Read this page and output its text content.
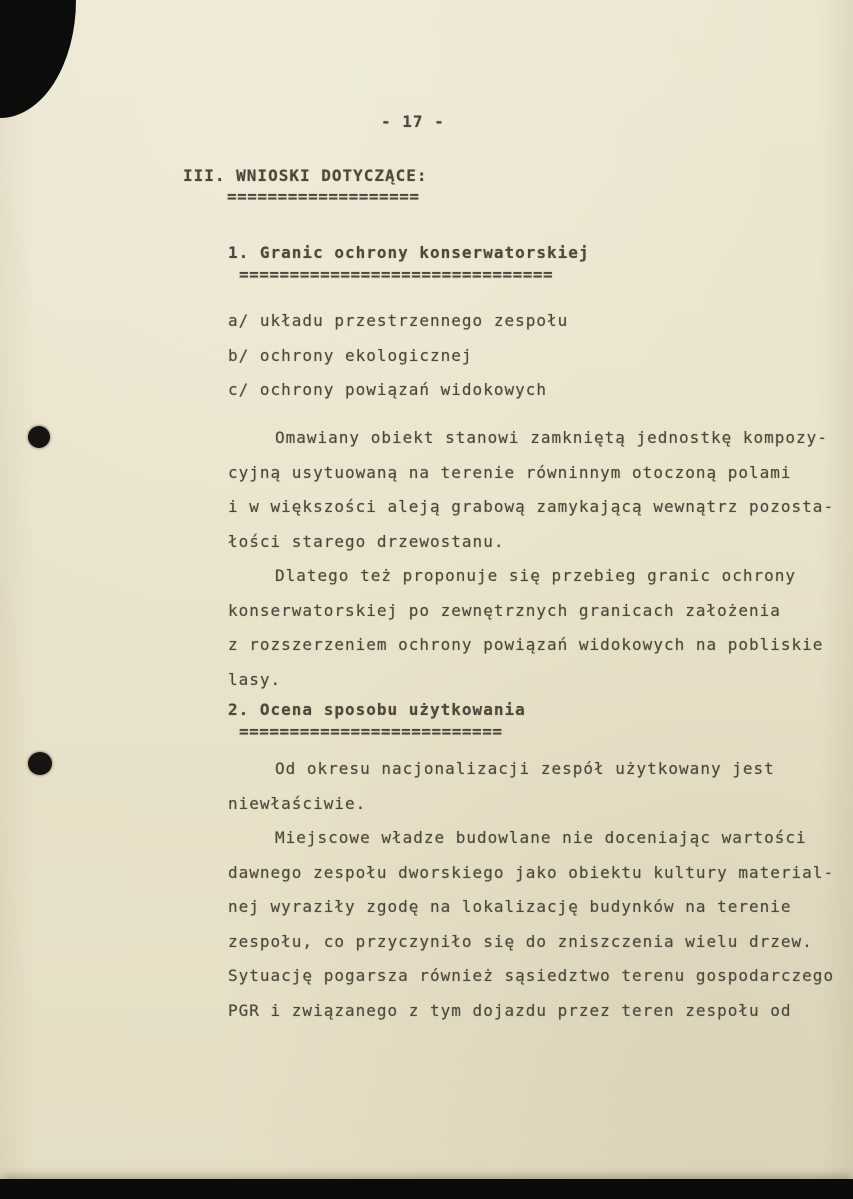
- 17 -
III. WNIOSKI DOTYCZĄCE:
===================
1. Granic ochrony konserwatorskiej
===============================
a/ układu przestrzennego zespołu
b/ ochrony ekologicznej
c/ ochrony powiązań widokowych
Omawiany obiekt stanowi zamkniętą jednostkę kompozy-
cyjną usytuowaną na terenie równinnym otoczoną polami
i w większości aleją grabową zamykającą wewnątrz pozosta-
łości starego drzewostanu.
Dlatego też proponuje się przebieg granic ochrony
konserwatorskiej po zewnętrznych granicach założenia
z rozszerzeniem ochrony powiązań widokowych na pobliskie
lasy.
2. Ocena sposobu użytkowania
==========================
Od okresu nacjonalizacji zespół użytkowany jest
niewłaściwie.
Miejscowe władze budowlane nie doceniając wartości
dawnego zespołu dworskiego jako obiektu kultury material-
nej wyraziły zgodę na lokalizację budynków na terenie
zespołu, co przyczyniło się do zniszczenia wielu drzew.
Sytuację pogarsza również sąsiedztwo terenu gospodarczego
PGR i związanego z tym dojazdu przez teren zespołu od
